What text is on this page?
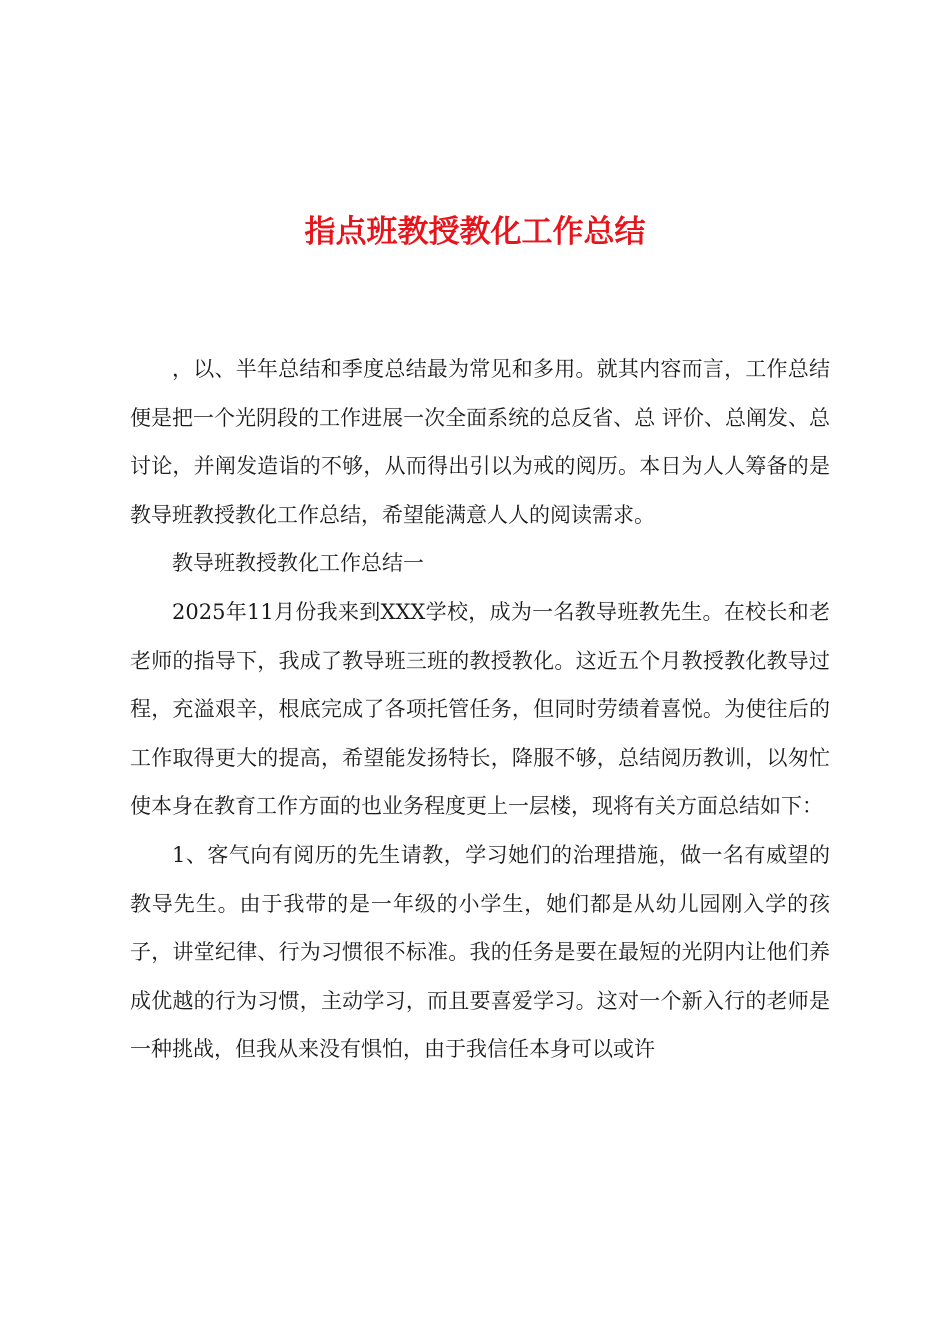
指点班教授教化工作总结

，以、半年总结和季度总结最为常见和多用。就其内容而言，工作总结便是把一个光阴段的工作进展一次全面系统的总反省、总 评价、总阐发、总讨论，并阐发造诣的不够，从而得出引以为戒的阅历。本日为人人筹备的是教导班教授教化工作总结，希望能满意人人的阅读需求。

教导班教授教化工作总结一

2025年11月份我来到XXX学校，成为一名教导班教先生。在校长和老老师的指导下，我成了教导班三班的教授教化。这近五个月教授教化教导过程，充溢艰辛，根底完成了各项托管任务，但同时劳绩着喜悦。为使往后的工作取得更大的提高，希望能发扬特长，降服不够，总结阅历教训，以匆忙使本身在教育工作方面的也业务程度更上一层楼，现将有关方面总结如下：

1、客气向有阅历的先生请教，学习她们的治理措施，做一名有威望的教导先生。由于我带的是一年级的小学生，她们都是从幼儿园刚入学的孩子，讲堂纪律、行为习惯很不标准。我的任务是要在最短的光阴内让他们养成优越的行为习惯，主动学习，而且要喜爱学习。这对一个新入行的老师是一种挑战，但我从来没有惧怕，由于我信任本身可以或许
